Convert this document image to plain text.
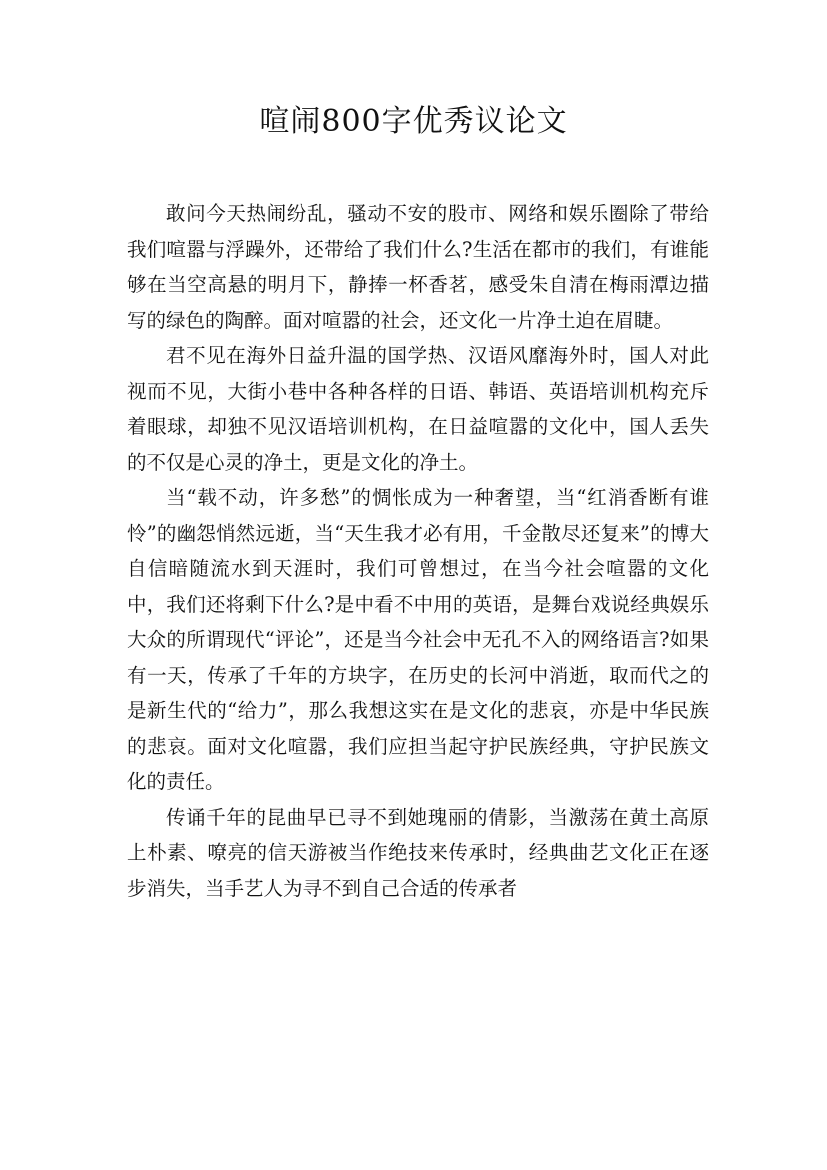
喧闹800字优秀议论文

敢问今天热闹纷乱，骚动不安的股市、网络和娱乐圈除了带给我们喧嚣与浮躁外，还带给了我们什么?生活在都市的我们，有谁能够在当空高悬的明月下，静捧一杯香茗，感受朱自清在梅雨潭边描写的绿色的陶醉。面对喧嚣的社会，还文化一片净土迫在眉睫。

君不见在海外日益升温的国学热、汉语风靡海外时，国人对此视而不见，大街小巷中各种各样的日语、韩语、英语培训机构充斥着眼球，却独不见汉语培训机构，在日益喧嚣的文化中，国人丢失的不仅是心灵的净土，更是文化的净土。

当“载不动，许多愁”的惆怅成为一种奢望，当“红消香断有谁怜”的幽怨悄然远逝，当“天生我才必有用，千金散尽还复来”的博大自信暗随流水到天涯时，我们可曾想过，在当今社会喧嚣的文化中，我们还将剩下什么?是中看不中用的英语，是舞台戏说经典娱乐大众的所谓现代“评论”，还是当今社会中无孔不入的网络语言?如果有一天，传承了千年的方块字，在历史的长河中消逝，取而代之的是新生代的“给力”，那么我想这实在是文化的悲哀，亦是中华民族的悲哀。面对文化喧嚣，我们应担当起守护民族经典，守护民族文化的责任。

传诵千年的昆曲早已寻不到她瑰丽的倩影，当激荡在黄土高原上朴素、嘹亮的信天游被当作绝技来传承时，经典曲艺文化正在逐步消失，当手艺人为寻不到自己合适的传承者
